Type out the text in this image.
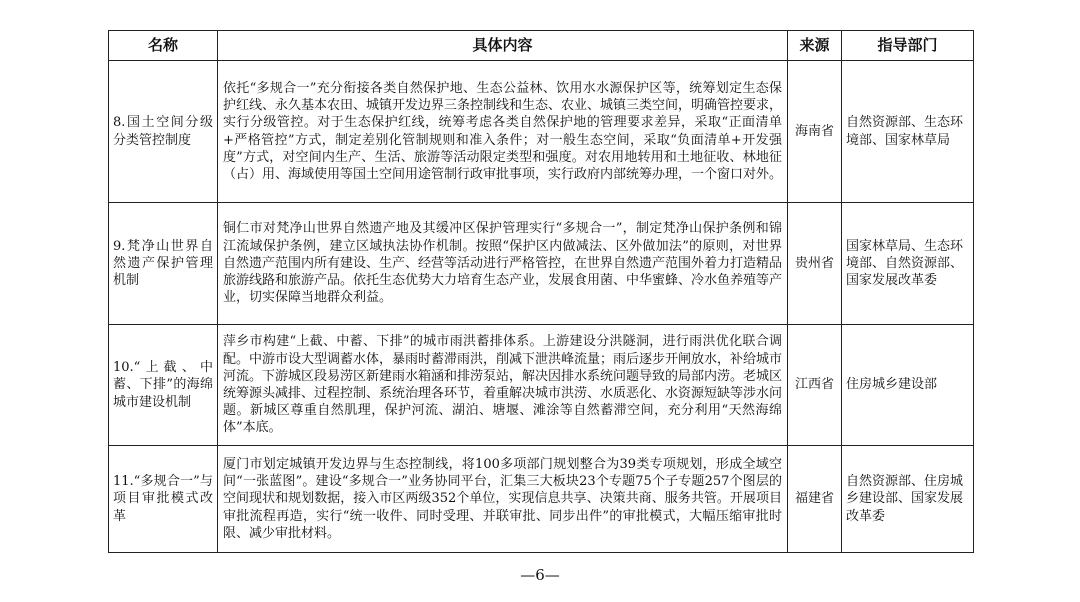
名称	具体内容	来源	指导部门
8.国土空间分级分类管控制度	依托“多规合一”充分衔接各类自然保护地、生态公益林、饮用水水源保护区等，统筹划定生态保护红线、永久基本农田、城镇开发边界三条控制线和生态、农业、城镇三类空间，明确管控要求，实行分级管控。对于生态保护红线，统筹考虑各类自然保护地的管理要求差异，采取“正面清单+严格管控”方式，制定差别化管制规则和准入条件；对一般生态空间，采取“负面清单+开发强度”方式，对空间内生产、生活、旅游等活动限定类型和强度。对农用地转用和土地征收、林地征（占）用、海域使用等国土空间用途管制行政审批事项，实行政府内部统筹办理，一个窗口对外。	海南省	自然资源部、生态环境部、国家林草局
9.梵净山世界自然遗产保护管理机制	铜仁市对梵净山世界自然遗产地及其缓冲区保护管理实行“多规合一”，制定梵净山保护条例和锦江流域保护条例，建立区域执法协作机制。按照“保护区内做减法、区外做加法”的原则，对世界自然遗产范围内所有建设、生产、经营等活动进行严格管控，在世界自然遗产范围外着力打造精品旅游线路和旅游产品。依托生态优势大力培育生态产业，发展食用菌、中华蜜蜂、冷水鱼养殖等产业，切实保障当地群众利益。	贵州省	国家林草局、生态环境部、自然资源部、国家发展改革委
10.“上截、中蓄、下排”的海绵城市建设机制	萍乡市构建“上截、中蓄、下排”的城市雨洪蓄排体系。上游建设分洪隧洞，进行雨洪优化联合调配。中游市设大型调蓄水体，暴雨时蓄滞雨洪，削减下泄洪峰流量；雨后逐步开闸放水，补给城市河流。下游城区段易涝区新建雨水箱涵和排涝泵站，解决因排水系统问题导致的局部内涝。老城区统筹源头减排、过程控制、系统治理各环节，着重解决城市洪涝、水质恶化、水资源短缺等涉水问题。新城区尊重自然肌理，保护河流、湖泊、塘堰、滩涂等自然蓄滞空间，充分利用“天然海绵体”本底。	江西省	住房城乡建设部
11.“多规合一”与项目审批模式改革	厦门市划定城镇开发边界与生态控制线，将100多项部门规划整合为39类专项规划，形成全域空间“一张蓝图”。建设“多规合一”业务协同平台，汇集三大板块23个专题75个子专题257个图层的空间现状和规划数据，接入市区两级352个单位，实现信息共享、决策共商、服务共管。开展项目审批流程再造，实行“统一收件、同时受理、并联审批、同步出件”的审批模式，大幅压缩审批时限、减少审批材料。	福建省	自然资源部、住房城乡建设部、国家发展改革委
—6—
